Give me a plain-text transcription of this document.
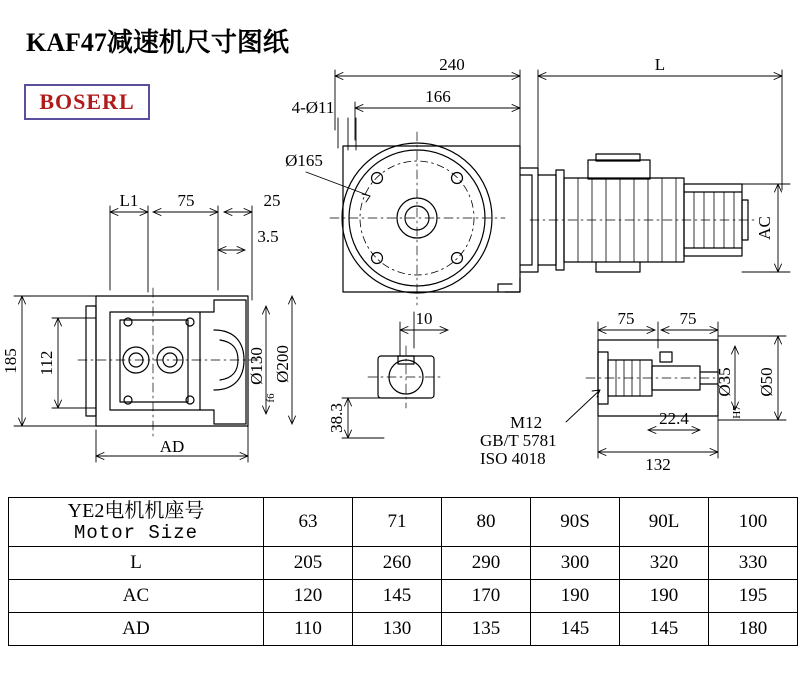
KAF47减速机尺寸图纸
BOSERL
240	L
166
4-Ø11
Ø165
L1 75	25
3.5
AD
10	75	75
22.4
132
AC
185 112	Ø130
f6
Ø200
38.3
Ø35
H7
Ø50
M12
GB/T 5781
ISO 4018
YE2电机机座号
Motor Size	63	71	80	90S	90L	100
L	205	260	290	300	320	330
AC	120	145	170	190	190	195
AD	110	130	135	145	145	180
